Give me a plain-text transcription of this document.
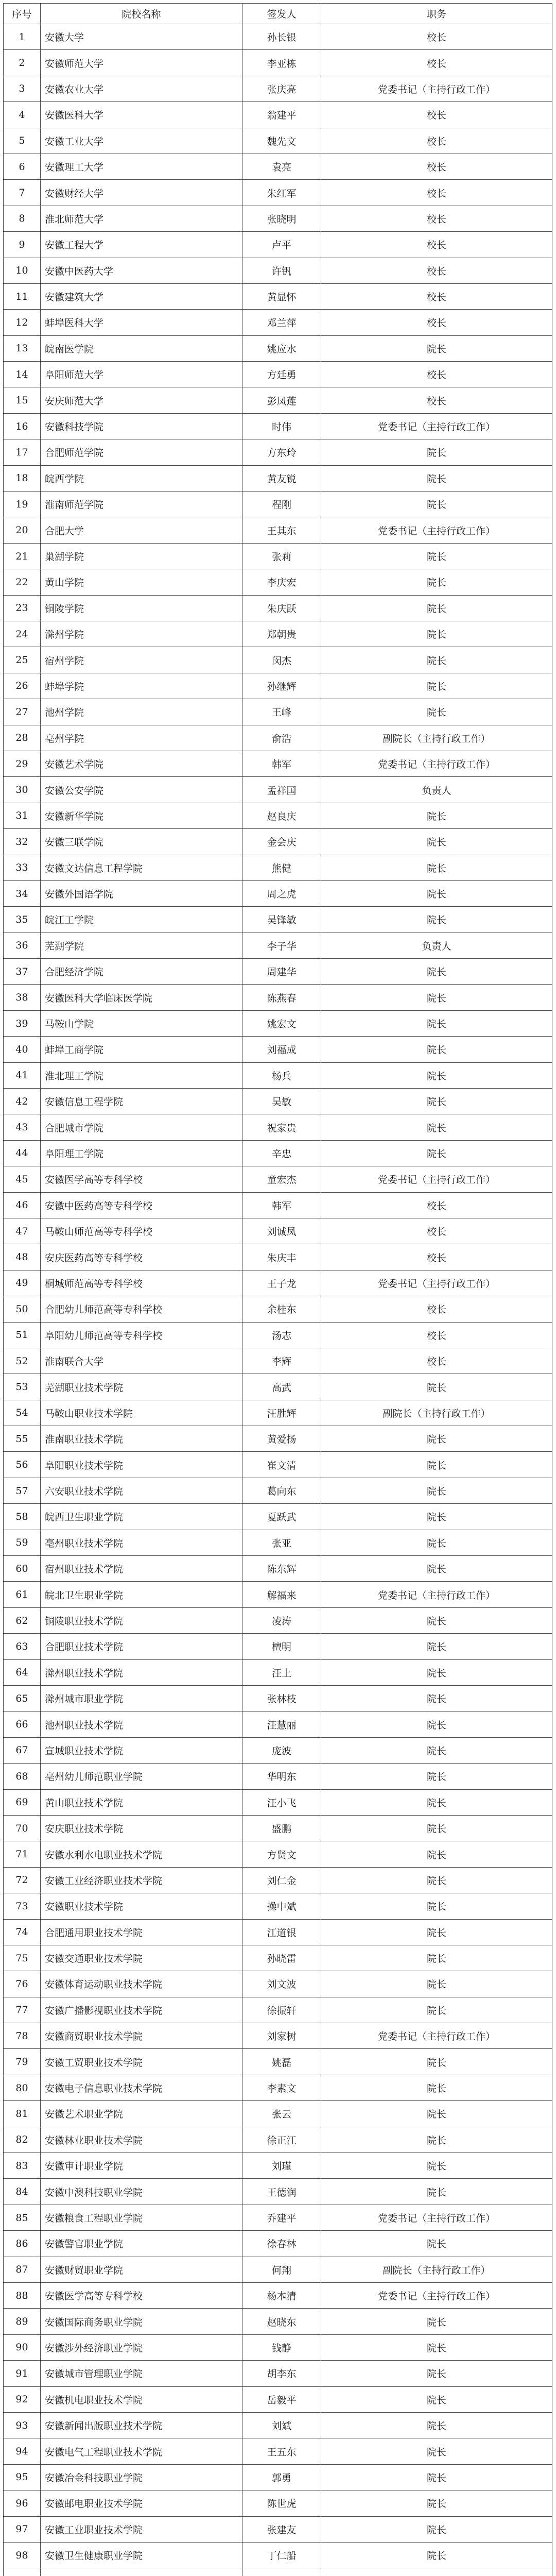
序号	院校名称	签发人	职务
1	安徽大学	孙长银	校长
2	安徽师范大学	李亚栋	校长
3	安徽农业大学	张庆亮	党委书记（主持行政工作）
4	安徽医科大学	翁建平	校长
5	安徽工业大学	魏先文	校长
6	安徽理工大学	袁亮	校长
7	安徽财经大学	朱红军	校长
8	淮北师范大学	张晓明	校长
9	安徽工程大学	卢平	校长
10	安徽中医药大学	许钒	校长
11	安徽建筑大学	黄显怀	校长
12	蚌埠医科大学	邓兰萍	校长
13	皖南医学院	姚应水	院长
14	阜阳师范大学	方廷勇	校长
15	安庆师范大学	彭凤莲	校长
16	安徽科技学院	时伟	党委书记（主持行政工作）
17	合肥师范学院	方东玲	院长
18	皖西学院	黄友锐	院长
19	淮南师范学院	程刚	院长
20	合肥大学	王其东	党委书记（主持行政工作）
21	巢湖学院	张莉	院长
22	黄山学院	李庆宏	院长
23	铜陵学院	朱庆跃	院长
24	滁州学院	郑朝贵	院长
25	宿州学院	闵杰	院长
26	蚌埠学院	孙继辉	院长
27	池州学院	王峰	院长
28	亳州学院	俞浩	副院长（主持行政工作）
29	安徽艺术学院	韩军	党委书记（主持行政工作）
30	安徽公安学院	孟祥国	负责人
31	安徽新华学院	赵良庆	院长
32	安徽三联学院	金会庆	院长
33	安徽文达信息工程学院	熊健	院长
34	安徽外国语学院	周之虎	院长
35	皖江工学院	吴锋敏	院长
36	芜湖学院	李子华	负责人
37	合肥经济学院	周建华	院长
38	安徽医科大学临床医学院	陈燕春	院长
39	马鞍山学院	姚宏文	院长
40	蚌埠工商学院	刘福成	院长
41	淮北理工学院	杨兵	院长
42	安徽信息工程学院	吴敏	院长
43	合肥城市学院	祝家贵	院长
44	阜阳理工学院	辛忠	院长
45	安徽医学高等专科学校	童宏杰	党委书记（主持行政工作）
46	安徽中医药高等专科学校	韩军	校长
47	马鞍山师范高等专科学校	刘诚凤	校长
48	安庆医药高等专科学校	朱庆丰	校长
49	桐城师范高等专科学校	王子龙	党委书记（主持行政工作）
50	合肥幼儿师范高等专科学校	余桂东	校长
51	阜阳幼儿师范高等专科学校	汤志	校长
52	淮南联合大学	李辉	校长
53	芜湖职业技术学院	高武	院长
54	马鞍山职业技术学院	汪胜辉	副院长（主持行政工作）
55	淮南职业技术学院	黄爱扬	院长
56	阜阳职业技术学院	崔文清	院长
57	六安职业技术学院	葛向东	院长
58	皖西卫生职业学院	夏跃武	院长
59	亳州职业技术学院	张亚	院长
60	宿州职业技术学院	陈东辉	院长
61	皖北卫生职业学院	解福来	党委书记（主持行政工作）
62	铜陵职业技术学院	凌涛	院长
63	合肥职业技术学院	檀明	院长
64	滁州职业技术学院	汪上	院长
65	滁州城市职业学院	张林枝	院长
66	池州职业技术学院	汪慧丽	院长
67	宣城职业技术学院	庞波	院长
68	亳州幼儿师范职业学院	华明东	院长
69	黄山职业技术学院	汪小飞	院长
70	安庆职业技术学院	盛鹏	院长
71	安徽水利水电职业技术学院	方贤文	院长
72	安徽工业经济职业技术学院	刘仁金	院长
73	安徽职业技术学院	操中斌	院长
74	合肥通用职业技术学院	江道银	院长
75	安徽交通职业技术学院	孙晓雷	院长
76	安徽体育运动职业技术学院	刘文波	院长
77	安徽广播影视职业技术学院	徐振轩	院长
78	安徽商贸职业技术学院	刘家树	党委书记（主持行政工作）
79	安徽工贸职业技术学院	姚磊	院长
80	安徽电子信息职业技术学院	李素文	院长
81	安徽艺术职业学院	张云	院长
82	安徽林业职业技术学院	徐正江	院长
83	安徽审计职业学院	刘瑾	院长
84	安徽中澳科技职业学院	王德润	院长
85	安徽粮食工程职业学院	乔建平	党委书记（主持行政工作）
86	安徽警官职业学院	徐春林	院长
87	安徽财贸职业学院	何翔	副院长（主持行政工作）
88	安徽医学高等专科学校	杨本清	党委书记（主持行政工作）
89	安徽国际商务职业学院	赵晓东	院长
90	安徽涉外经济职业学院	钱静	院长
91	安徽城市管理职业学院	胡李东	院长
92	安徽机电职业技术学院	岳毅平	院长
93	安徽新闻出版职业技术学院	刘斌	院长
94	安徽电气工程职业技术学院	王五东	院长
95	安徽冶金科技职业学院	郭勇	院长
96	安徽邮电职业技术学院	陈世虎	院长
97	安徽工业职业技术学院	张建友	院长
98	安徽卫生健康职业学院	丁仁船	院长
